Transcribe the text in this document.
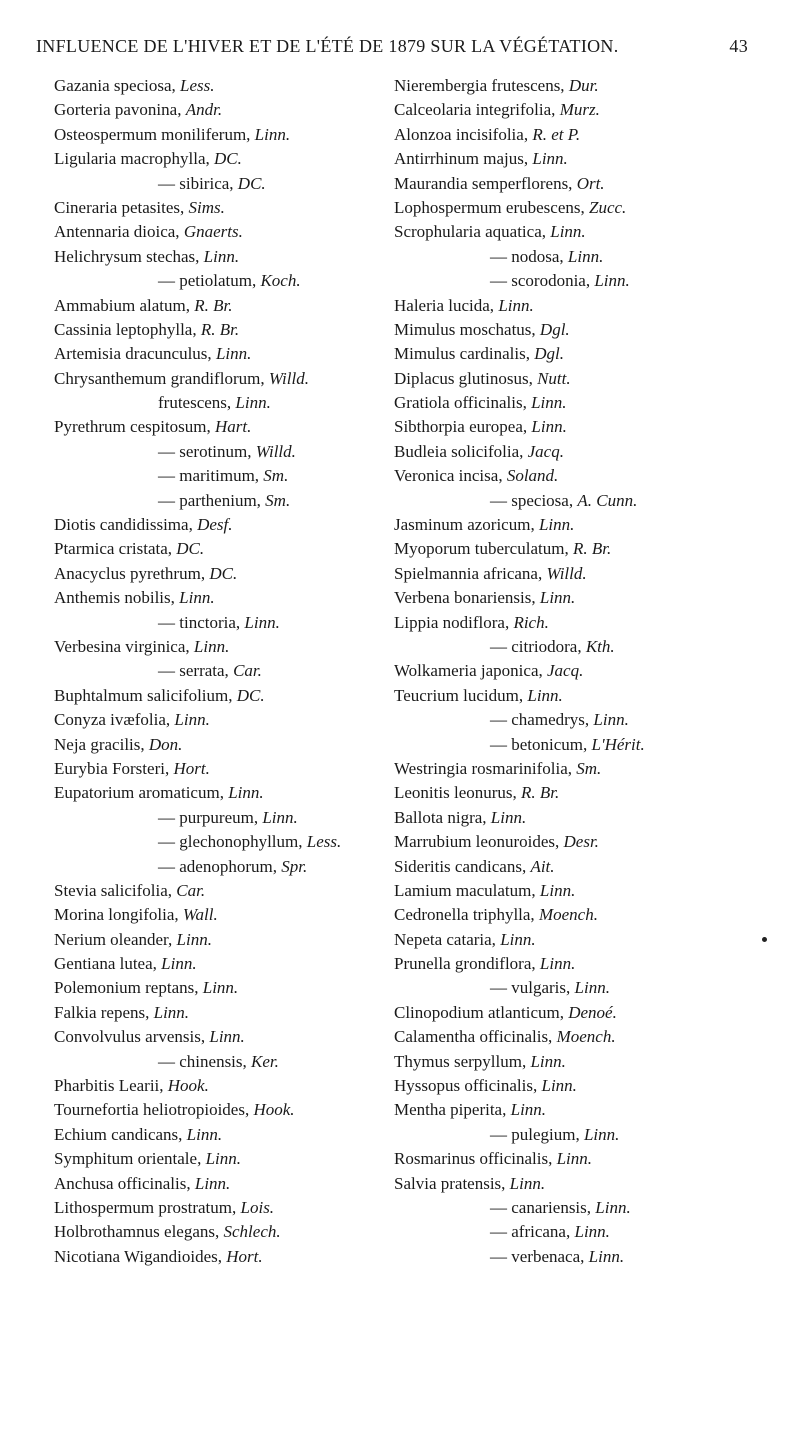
INFLUENCE DE L'HIVER ET DE L'ÉTÉ DE 1879 SUR LA VÉGÉTATION.	43
Gazania speciosa, Less.
Gorteria pavonina, Andr.
Osteospermum moniliferum, Linn.
Ligularia macrophylla, DC.
— sibirica, DC.
Cineraria petasites, Sims.
Antennaria dioica, Gnaerts.
Helichrysum stechas, Linn.
— petiolatum, Koch.
Ammabium alatum, R. Br.
Cassinia leptophylla, R. Br.
Artemisia dracunculus, Linn.
Chrysanthemum grandiflorum, Willd.
frutescens, Linn.
Pyrethrum cespitosum, Hart.
— serotinum, Willd.
— maritimum, Sm.
— parthenium, Sm.
Diotis candidissima, Desf.
Ptarmica cristata, DC.
Anacyclus pyrethrum, DC.
Anthemis nobilis, Linn.
— tinctoria, Linn.
Verbesina virginica, Linn.
— serrata, Car.
Buphtalmum salicifolium, DC.
Conyza ivæfolia, Linn.
Neja gracilis, Don.
Eurybia Forsteri, Hort.
Eupatorium aromaticum, Linn.
— purpureum, Linn.
— glechonophyllum, Less.
— adenophorum, Spr.
Stevia salicifolia, Car.
Morina longifolia, Wall.
Nerium oleander, Linn.
Gentiana lutea, Linn.
Polemonium reptans, Linn.
Falkia repens, Linn.
Convolvulus arvensis, Linn.
— chinensis, Ker.
Pharbitis Learii, Hook.
Tournefortia heliotropioides, Hook.
Echium candicans, Linn.
Symphitum orientale, Linn.
Anchusa officinalis, Linn.
Lithospermum prostratum, Lois.
Holbrothamnus elegans, Schlech.
Nicotiana Wigandioides, Hort.
Nierembergia frutescens, Dur.
Calceolaria integrifolia, Murz.
Alonzoa incisifolia, R. et P.
Antirrhinum majus, Linn.
Maurandia semperflorens, Ort.
Lophospermum erubescens, Zucc.
Scrophularia aquatica, Linn.
— nodosa, Linn.
— scorodonia, Linn.
Haleria lucida, Linn.
Mimulus moschatus, Dgl.
Mimulus cardinalis, Dgl.
Diplacus glutinosus, Nutt.
Gratiola officinalis, Linn.
Sibthorpia europea, Linn.
Budleia solicifolia, Jacq.
Veronica incisa, Soland.
— speciosa, A. Cunn.
Jasminum azoricum, Linn.
Myoporum tuberculatum, R. Br.
Spielmannia africana, Willd.
Verbena bonariensis, Linn.
Lippia nodiflora, Rich.
— citriodora, Kth.
Wolkameria japonica, Jacq.
Teucrium lucidum, Linn.
— chamedrys, Linn.
— betonicum, L'Hérit.
Westringia rosmarinifolia, Sm.
Leonitis leonurus, R. Br.
Ballota nigra, Linn.
Marrubium leonuroides, Desr.
Sideritis candicans, Ait.
Lamium maculatum, Linn.
Cedronella triphylla, Moench.
Nepeta cataria, Linn.
Prunella grondiflora, Linn.
— vulgaris, Linn.
Clinopodium atlanticum, Denoé.
Calamentha officinalis, Moench.
Thymus serpyllum, Linn.
Hyssopus officinalis, Linn.
Mentha piperita, Linn.
— pulegium, Linn.
Rosmarinus officinalis, Linn.
Salvia pratensis, Linn.
— canariensis, Linn.
— africana, Linn.
— verbenaca, Linn.
